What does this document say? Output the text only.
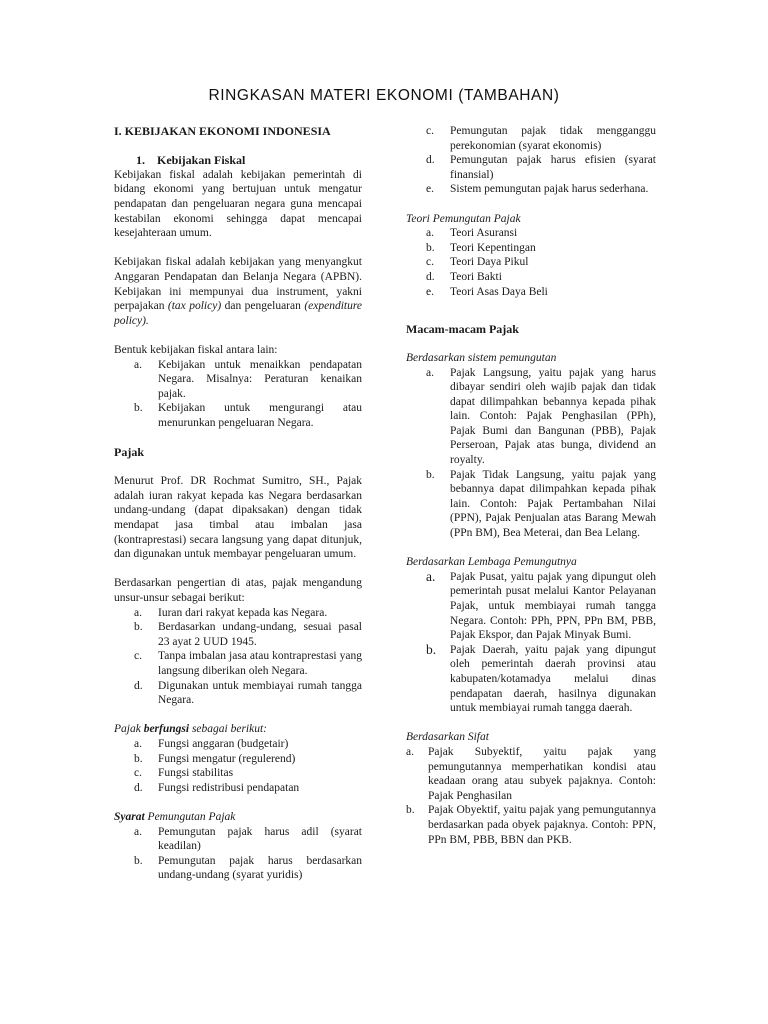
RINGKASAN MATERI EKONOMI (TAMBAHAN)
I. KEBIJAKAN EKONOMI INDONESIA
1.    Kebijakan Fiskal

Kebijakan fiskal adalah kebijakan pemerintah di bidang ekonomi yang bertujuan untuk mengatur pendapatan dan pengeluaran negara guna mencapai kestabilan ekonomi sehingga dapat mencapai kesejahteraan umum.

Kebijakan fiskal adalah kebijakan yang menyangkut Anggaran Pendapatan dan Belanja Negara (APBN). Kebijakan ini mempunyai dua instrument, yakni perpajakan (tax policy) dan pengeluaran (expenditure policy).

Bentuk kebijakan fiskal antara lain:

a.	Kebijakan untuk menaikkan pendapatan Negara. Misalnya: Peraturan kenaikan pajak.
b.	Kebijakan untuk mengurangi atau menurunkan pengeluaran Negara.
Pajak

Menurut Prof. DR Rochmat Sumitro, SH., Pajak adalah iuran rakyat kepada kas Negara berdasarkan undang-undang (dapat dipaksakan) dengan tidak mendapat jasa timbal atau imbalan jasa (kontraprestasi) secara langsung yang dapat ditunjuk, dan digunakan untuk membayar pengeluaran umum.

Berdasarkan pengertian di atas, pajak mengandung unsur-unsur sebagai berikut:

a.	Iuran dari rakyat kepada kas Negara.
b.	Berdasarkan undang-undang, sesuai pasal 23 ayat 2 UUD 1945.
c.	Tanpa imbalan jasa atau kontraprestasi yang langsung diberikan oleh Negara.
d.	Digunakan untuk membiayai rumah tangga Negara.

Pajak berfungsi sebagai berikut:

a.	Fungsi anggaran (budgetair)
b.	Fungsi mengatur (regulerend)
c.	Fungsi stabilitas
d.	Fungsi redistribusi pendapatan

Syarat Pemungutan Pajak

a.	Pemungutan pajak harus adil (syarat keadilan)
b.	Pemungutan pajak harus berdasarkan undang-undang (syarat yuridis)
c.	Pemungutan pajak tidak mengganggu perekonomian (syarat ekonomis)
d.	Pemungutan pajak harus efisien (syarat finansial)
e.	Sistem pemungutan pajak harus sederhana.

Teori Pemungutan Pajak

a.	Teori Asuransi
b.	Teori Kepentingan
c.	Teori Daya Pikul
d.	Teori Bakti
e.	Teori Asas Daya Beli
Macam-macam Pajak

Berdasarkan sistem pemungutan

a.	Pajak Langsung, yaitu pajak yang harus dibayar sendiri oleh wajib pajak dan tidak dapat dilimpahkan bebannya kepada pihak lain. Contoh: Pajak Penghasilan (PPh), Pajak Bumi dan Bangunan (PBB), Pajak Perseroan, Pajak atas bunga, dividend an royalty.
b.	Pajak Tidak Langsung, yaitu pajak yang bebannya dapat dilimpahkan kepada pihak lain. Contoh: Pajak Pertambahan Nilai (PPN), Pajak Penjualan atas Barang Mewah (PPn BM), Bea Meterai, dan Bea Lelang.

Berdasarkan Lembaga Pemungutnya

a.	Pajak Pusat, yaitu pajak yang dipungut oleh pemerintah pusat melalui Kantor Pelayanan Pajak, untuk membiayai rumah tangga Negara. Contoh: PPh, PPN, PPn BM, PBB, Pajak Ekspor, dan Pajak Minyak Bumi.
b.	Pajak Daerah, yaitu pajak yang dipungut oleh pemerintah daerah provinsi atau kabupaten/kotamadya melalui dinas pendapatan daerah, hasilnya digunakan untuk membiayai rumah tangga daerah.

Berdasarkan Sifat

a.	Pajak Subyektif, yaitu pajak yang pemungutannya memperhatikan kondisi atau keadaan orang atau subyek pajaknya. Contoh: Pajak Penghasilan
b.	Pajak Obyektif, yaitu pajak yang pemungutannya berdasarkan pada obyek pajaknya. Contoh: PPN, PPn BM, PBB, BBN dan PKB.
